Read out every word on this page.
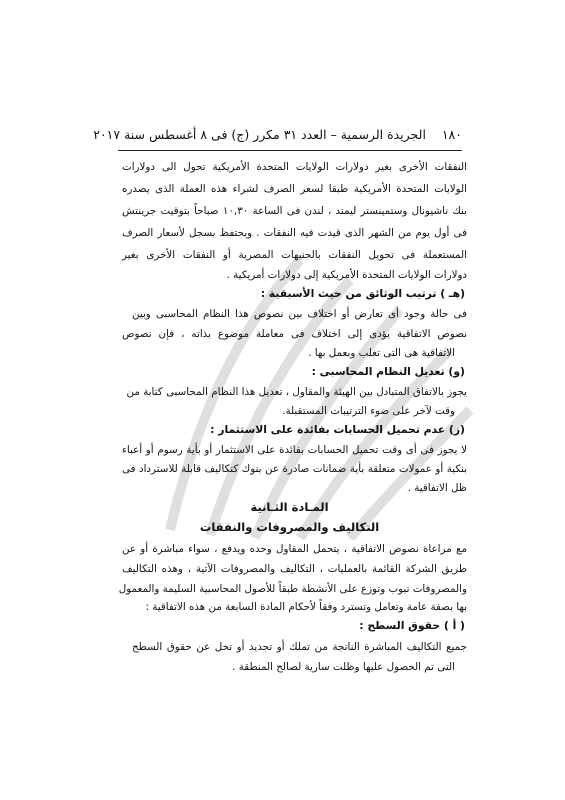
١٨٠    الجريدة الرسمية – العدد ٣١ مكرر (ج) فى ٨ أغسطس سنة ٢٠١٧
النفقات الأخرى بغير دولارات الولايات المتحدة الأمريكية تحول الى دولارات
الولايات المتحدة الأمريكية طبقا لسعر الصرف لشراء هذه العملة الذى يصدره
بنك ناشيونال وستمينستر ليمتد ، لندن فى الساعة ١٠,٣٠ صباحاً بتوقيت جرينتش
فى أول يوم من الشهر الذى قيدت فيه النفقات . ويحتفظ بسجل لأسعار الصرف
المستعملة فى تحويل النفقات بالجنيهات المصرية أو النفقات الأخرى بغير
دولارات الولايات المتحدة الأمريكية إلى دولارات أمريكية .
(هـ ) ترتيب الوثائق من حيث الأسبقية :
فى حالة وجود أى تعارض أو اختلاف بين نصوص هذا النظام المحاسبى وبين
نصوص الاتفاقية يؤدى إلى اختلاف فى معاملة موضوع بذاته ، فإن نصوص
الاتفاقية هى التى تغلب وبعمل بها .
(و) تعديل النظام المحاسبى :
يجوز بالاتفاق المتبادل بين الهيئة والمقاول ، تعديل هذا النظام المحاسبى كتابة من
وقت لآخر على ضوء الترتيبات المستقبلة.
(ز) عدم تحميل الحسابات بفائدة على الاستثمار :
لا يجوز فى أى وقت تحميل الحسابات بفائدة على الاستثمار أو بأية رسوم أو أعباء
بنكية أو عمولات متعلقة بأية ضمانات صادرة عن بنوك كتكاليف قابلة للاسترداد فى
ظل الاتفاقية .
المـادة الثـانية
التكاليف والمصروفات والنفقات
مع مراعاة نصوص الاتفاقية ، يتحمل المقاول وحده ويدفع ، سواء مباشرة أو عن
طريق الشركة القائمة بالعمليات ، التكاليف والمصروفات الآتية ، وهذه التكاليف
والمصروفات تبوب وتوزع على الأنشطة طبقاً للأصول المحاسبية السليمة والمعمول
بها بصفة عامة وتعامل وتسترد وفقاً لأحكام المادة السابعة من هذه الاتفاقية :
( أ ) حقوق السطح :
جميع التكاليف المباشرة الناتجة من تملك أو تجديد أو تخل عن حقوق السطح
التى تم الحصول عليها وظلت سارية لصالح المنطقة .
